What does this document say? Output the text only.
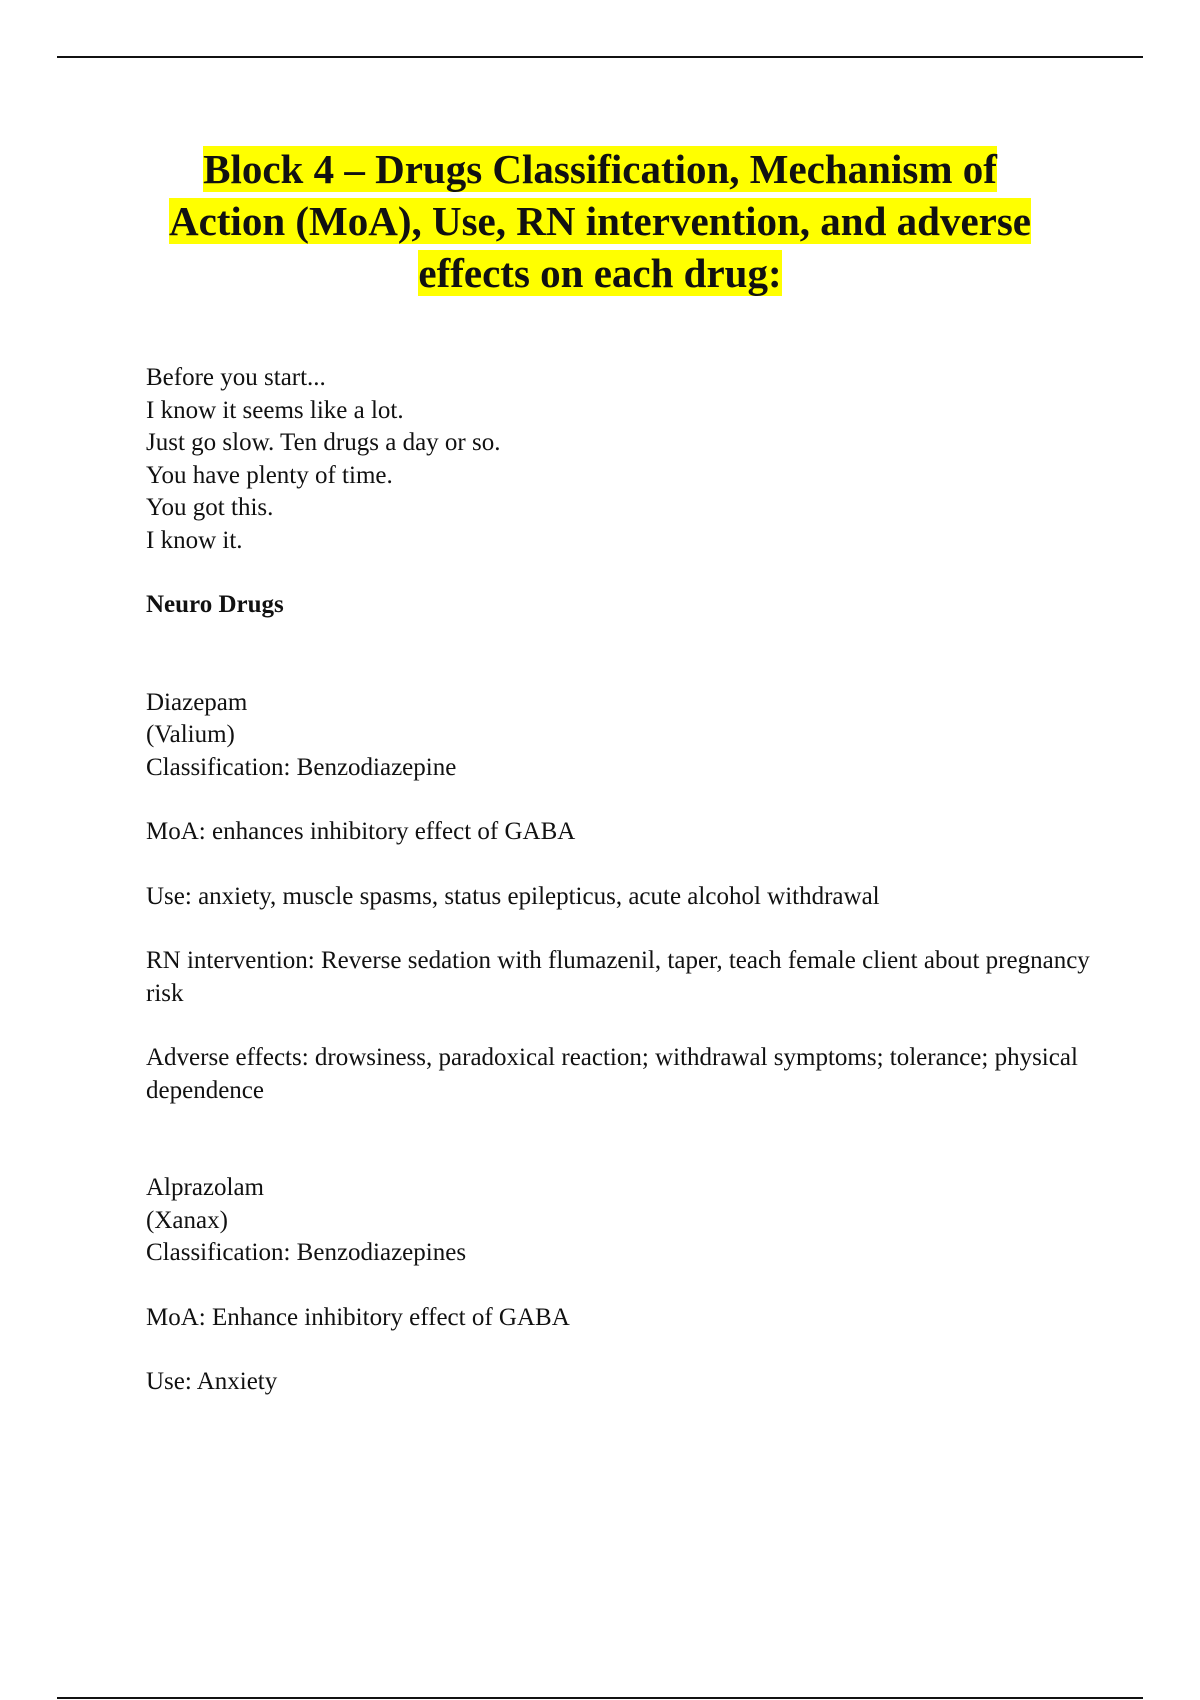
Block 4 – Drugs Classification, Mechanism of
Action (MoA), Use, RN intervention, and adverse
effects on each drug:
Before you start...
I know it seems like a lot.
Just go slow. Ten drugs a day or so.
You have plenty of time.
You got this.
I know it.
Neuro Drugs
Diazepam
(Valium)
Classification: Benzodiazepine
MoA: enhances inhibitory effect of GABA
Use: anxiety, muscle spasms, status epilepticus, acute alcohol withdrawal
RN intervention: Reverse sedation with flumazenil, taper, teach female client about pregnancy risk
Adverse effects: drowsiness, paradoxical reaction; withdrawal symptoms; tolerance; physical dependence
Alprazolam
(Xanax)
Classification: Benzodiazepines
MoA: Enhance inhibitory effect of GABA
Use: Anxiety
